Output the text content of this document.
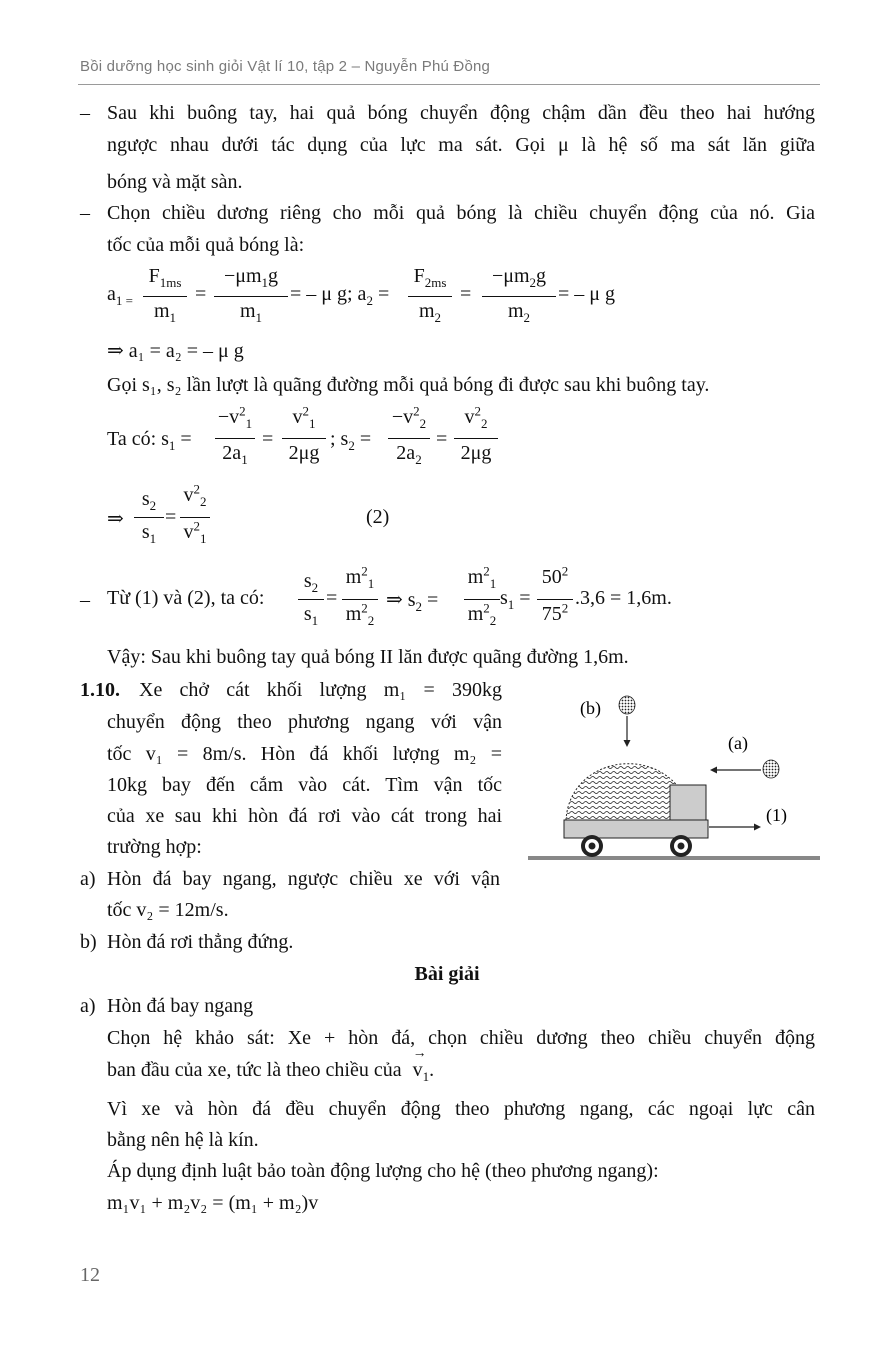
Bồi dưỡng học sinh giỏi Vật lí 10, tập 2 – Nguyễn Phú Đồng
– Sau khi buông tay, hai quả bóng chuyển động chậm dần đều theo hai hướng
ngược nhau dưới tác dụng của lực ma sát. Gọi μ là hệ số ma sát lăn giữa
bóng và mặt sàn.
– Chọn chiều dương riêng cho mỗi quả bóng là chiều chuyển động của nó. Gia
tốc của mỗi quả bóng là:
$a_{1 =}$
$F_{1ms}$
$m_1$
=
$-\mu m_1g$
$m_1$
= – μ g; $a_2$ =
$F_{2ms}$
$m_2$
=
$-\mu m_2g$
$m_2$
= – μ g
⇒ a₁ = a₂ = – μ g
Gọi s₁, s₂ lần lượt là quãng đường mỗi quả bóng đi được sau khi buông tay.
Ta có: $s_1$ =
$-v^2_1$
$2a_1$
=
$v^2_1$
2μg
; $s_2$ =
$-v^2_2$
$2a_2$
=
$v^2_2$
2μg
⇒
$s_2$
$s_1$
=
$v^2_2$
$v^2_1$
(2)
– Từ (1) và (2), ta có:
$s_2$
$s_1$
=
$m^2_1$
$m^2_2$
⇒ $s_2$ =
$m^2_1$
$m^2_2$
$s_1$ =
$50^2$
$75^2$ .3,6 = 1,6m.
Vậy: Sau khi buông tay quả bóng II lăn được quãng đường 1,6m.
1.10. Xe chở cát khối lượng m₁ = 390kg
chuyển động theo phương ngang với vận
tốc v₁ = 8m/s. Hòn đá khối lượng m₂ =
10kg bay đến cắm vào cát. Tìm vận tốc
của xe sau khi hòn đá rơi vào cát trong hai
trường hợp:
a) Hòn đá bay ngang, ngược chiều xe với vận
tốc v₂ = 12m/s.
b) Hòn đá rơi thẳng đứng.
(1)
(b)
(a)
Bài giải
a) Hòn đá bay ngang
Chọn hệ khảo sát: Xe + hòn đá, chọn chiều dương theo chiều chuyển động
ban đầu của xe, tức là theo chiều của
→
$v_1$.
Vì xe và hòn đá đều chuyển động theo phương ngang, các ngoại lực cân
bằng nên hệ là kín.
Áp dụng định luật bảo toàn động lượng cho hệ (theo phương ngang):
m₁v₁ + m₂v₂ = (m₁ + m₂)v
12
